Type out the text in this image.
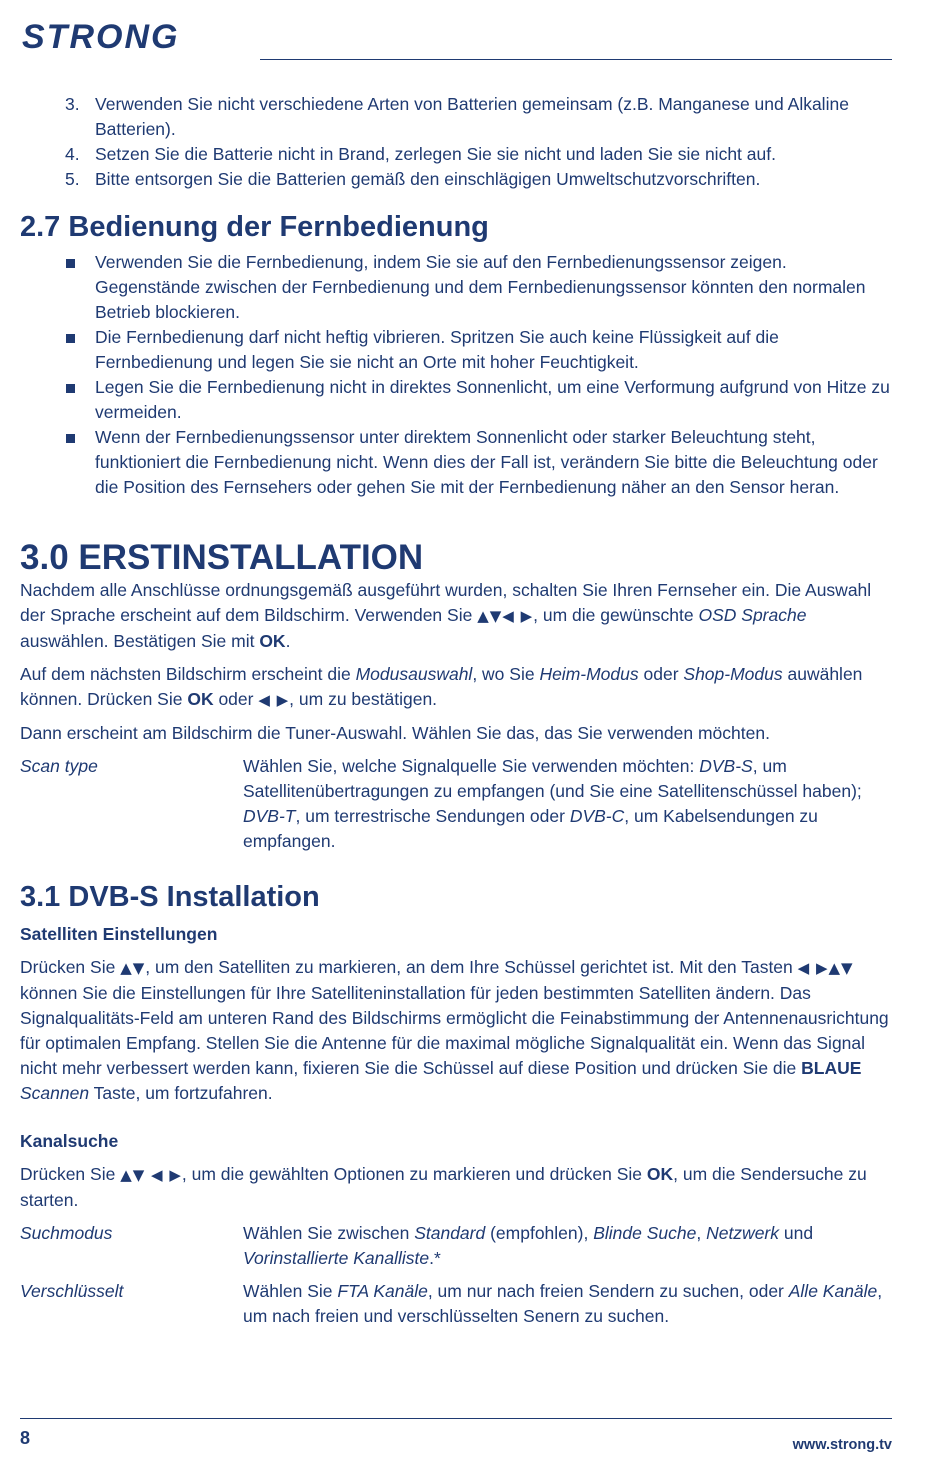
STRONG
3. Verwenden Sie nicht verschiedene Arten von Batterien gemeinsam (z.B. Manganese und Alkaline Batterien).
4. Setzen Sie die Batterie nicht in Brand, zerlegen Sie sie nicht und laden Sie sie nicht auf.
5. Bitte entsorgen Sie die Batterien gemäß den einschlägigen Umweltschutzvorschriften.
2.7 Bedienung der Fernbedienung
Verwenden Sie die Fernbedienung, indem Sie sie auf den Fernbedienungssensor zeigen. Gegenstände zwischen der Fernbedienung und dem Fernbedienungssensor könnten den normalen Betrieb blockieren.
Die Fernbedienung darf nicht heftig vibrieren. Spritzen Sie auch keine Flüssigkeit auf die Fernbedienung und legen Sie sie nicht an Orte mit hoher Feuchtigkeit.
Legen Sie die Fernbedienung nicht in direktes Sonnenlicht, um eine Verformung aufgrund von Hitze zu vermeiden.
Wenn der Fernbedienungssensor unter direktem Sonnenlicht oder starker Beleuchtung steht, funktioniert die Fernbedienung nicht. Wenn dies der Fall ist, verändern Sie bitte die Beleuchtung oder die Position des Fernsehers oder gehen Sie mit der Fernbedienung näher an den Sensor heran.
3.0 ERSTINSTALLATION

Nachdem alle Anschlüsse ordnungsgemäß ausgeführt wurden, schalten Sie Ihren Fernseher ein. Die Auswahl der Sprache erscheint auf dem Bildschirm. Verwenden Sie ▲▼◀ ▶, um die gewünschte OSD Sprache auswählen. Bestätigen Sie mit OK.

Auf dem nächsten Bildschirm erscheint die Modusauswahl, wo Sie Heim-Modus oder Shop-Modus auwählen können. Drücken Sie OK oder ◀ ▶, um zu bestätigen.

Dann erscheint am Bildschirm die Tuner-Auswahl. Wählen Sie das, das Sie verwenden möchten.

Scan type	Wählen Sie, welche Signalquelle Sie verwenden möchten: DVB-S, um Satellitenübertragungen zu empfangen (und Sie eine Satellitenschüssel haben); DVB-T, um terrestrische Sendungen oder DVB-C, um Kabelsendungen zu empfangen.
3.1 DVB-S Installation
Satelliten Einstellungen

Drücken Sie ▲▼, um den Satelliten zu markieren, an dem Ihre Schüssel gerichtet ist. Mit den Tasten ◀ ▶▲▼ können Sie die Einstellungen für Ihre Satelliteninstallation für jeden bestimmten Satelliten ändern. Das Signalqualitäts-Feld am unteren Rand des Bildschirms ermöglicht die Feinabstimmung der Antennenausrichtung für optimalen Empfang. Stellen Sie die Antenne für die maximal mögliche Signalqualität ein. Wenn das Signal nicht mehr verbessert werden kann, fixieren Sie die Schüssel auf diese Position und drücken Sie die BLAUE Scannen Taste, um fortzufahren.

Kanalsuche

Drücken Sie ▲▼ ◀ ▶, um die gewählten Optionen zu markieren und drücken Sie OK, um die Sendersuche zu starten.

Suchmodus	Wählen Sie zwischen Standard (empfohlen), Blinde Suche, Netzwerk und Vorinstallierte Kanalliste.*
Verschlüsselt	Wählen Sie FTA Kanäle, um nur nach freien Sendern zu suchen, oder Alle Kanäle, um nach freien und verschlüsselten Senern zu suchen.
8	www.strong.tv
